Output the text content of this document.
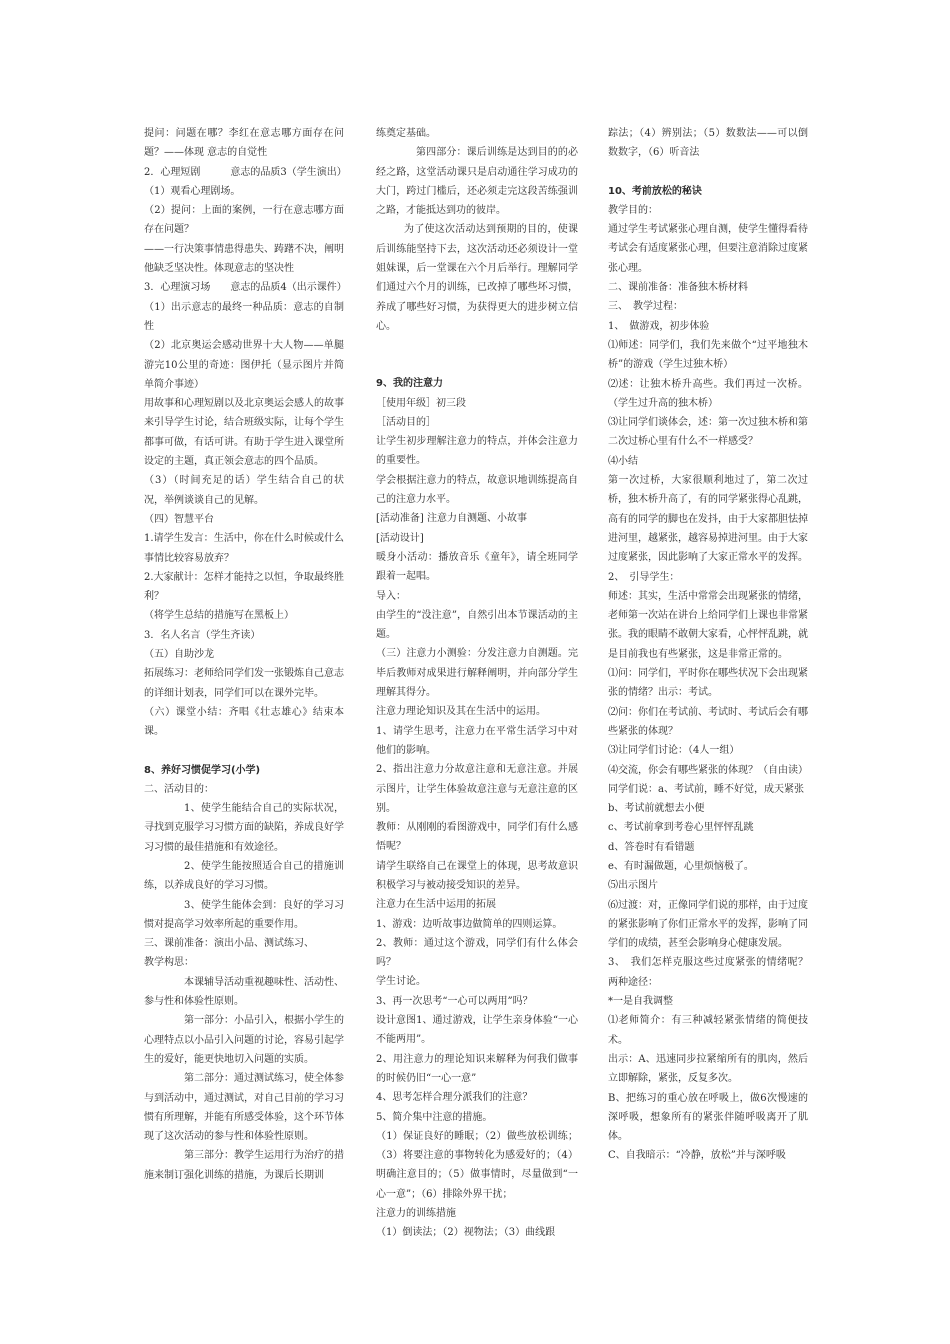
提问：问题在哪？李红在意志哪方面存在问题？——体现 意志的自觉性
2．心理短剧　　　意志的品质3（学生演出）
（1）观看心理剧场。
（2）提问：上面的案例，一行在意志哪方面存在问题？
——一行决策事情患得患失、踌躇不决，阐明他缺乏坚决性。体现意志的坚决性
3．心理演习场　　意志的品质4（出示课件）
（1）出示意志的最终一种品质：意志的自制性
（2）北京奥运会感动世界十大人物——单腿游完10公里的奇迹：图伊托（显示图片并简单简介事迹）
用故事和心理短剧以及北京奥运会感人的故事来引导学生讨论，结合班级实际，让每个学生都事可做，有话可讲。有助于学生进入课堂所设定的主题，真正领会意志的四个品质。
（3）（时间充足的话）学生结合自己的状况，举例谈谈自己的见解。
（四）智慧平台
1.请学生发言：生活中，你在什么时候或什么事情比较容易放弃？
2.大家献计：怎样才能持之以恒，争取最终胜利？
（将学生总结的措施写在黑板上）
3．名人名言（学生齐读）
（五）自助沙龙
拓展练习：老师给同学们发一张锻炼自己意志的详细计划表，同学们可以在课外完毕。
（六）课堂小结：齐唱《壮志雄心》结束本课。
8、养好习惯促学习(小学)
二、活动目的：
1、使学生能结合自己的实际状况，寻找到克服学习习惯方面的缺陷，养成良好学习习惯的最佳措施和有效途径。
2、使学生能按照适合自己的措施训练，以养成良好的学习习惯。
3、使学生能体会到：良好的学习习惯对提高学习效率所起的重要作用。
三、课前准备：演出小品、测试练习、
教学构思：
本课辅导活动重视趣味性、活动性、参与性和体验性原则。
第一部分：小品引入，根据小学生的心理特点以小品引入问题的讨论，容易引起学生的爱好，能更快地切入问题的实质。
第二部分：通过测试练习，使全体参与到活动中，通过测试，对自己目前的学习习惯有所理解，并能有所感受体验，这个环节体现了这次活动的参与性和体验性原则。
第三部分：教学生运用行为治疗的措施来制订强化训练的措施，为课后长期训
练奠定基础。
第四部分：课后训练是达到目的的必经之路，这堂活动课只是启动通往学习成功的大门，跨过门槛后，还必须走完这段苦练强训之路，才能抵达到功的彼岸。
为了使这次活动达到预期的目的，使课后训练能坚持下去，这次活动还必须设计一堂姐妹课，后一堂课在六个月后举行。理解同学们通过六个月的训练，已改掉了哪些坏习惯，养成了哪些好习惯，为获得更大的进步树立信心。
9、我的注意力
［使用年级］初三段
［活动目的］
让学生初步理解注意力的特点，并体会注意力的重要性。
学会根据注意力的特点，故意识地训练提高自己的注意力水平。
[活动准备] 注意力自测题、小故事
[活动设计]
暖身小活动：播放音乐《童年》，请全班同学跟着一起唱。
导入：
由学生的“没注意”，自然引出本节课活动的主题。
（三）注意力小测验：分发注意力自测题。完毕后教师对成果进行解释阐明，并向部分学生理解其得分。
注意力理论知识及其在生活中的运用。
1、请学生思考，注意力在平常生活学习中对他们的影响。
2、指出注意力分故意注意和无意注意。并展示图片，让学生体验故意注意与无意注意的区别。
教师：从刚刚的看图游戏中，同学们有什么感悟呢？
请学生联络自己在课堂上的体现，思考故意识积极学习与被动接受知识的差异。
注意力在生活中运用的拓展
1、游戏：边听故事边做简单的四则运算。
2、教师：通过这个游戏，同学们有什么体会吗？
学生讨论。
3、再一次思考“一心可以两用”吗？
设计意图1、通过游戏，让学生亲身体验“一心不能两用”。
2、用注意力的理论知识来解释为何我们做事的时候仍旧“一心一意”
4、思考怎样合理分派我们的注意？
5、简介集中注意的措施。
（1）保证良好的睡眠；（2）做些放松训练；（3）将要注意的事物转化为感爱好的；（4）明确注意目的；（5）做事情时，尽量做到“一心一意”；（6）排除外界干扰；
注意力的训练措施
（1）倒读法；（2）视物法；（3）曲线跟
踪法；（4）辨别法；（5）数数法——可以倒数数字，（6）听音法
10、考前放松的秘诀
教学目的：
通过学生考试紧张心理自测，使学生懂得看待考试会有适度紧张心理，但要注意消除过度紧张心理。
二、课前准备：准备独木桥材料
三、　教学过程：
1、　做游戏，初步体验
⑴师述：同学们，我们先来做个“过平地独木桥”的游戏（学生过独木桥）
⑵述：让独木桥升高些。我们再过一次桥。（学生过升高的独木桥）
⑶让同学们谈体会，述：第一次过独木桥和第二次过桥心里有什么不一样感受？
⑷小结
第一次过桥，大家很顺利地过了，第二次过桥，独木桥升高了，有的同学紧张得心乱跳，高有的同学的脚也在发抖，由于大家都胆怯掉进河里，越紧张，越容易掉进河里。由于大家过度紧张，因此影响了大家正常水平的发挥。
2、　引导学生：
师述：其实，生活中常常会出现紧张的情绪，老师第一次站在讲台上给同学们上课也非常紧张。我的眼睛不敢朝大家看，心怦怦乱跳，就是目前我也有些紧张，这是非常正常的。
⑴问：同学们，平时你在哪些状况下会出现紧张的情绪？出示：考试。
⑵问：你们在考试前、考试时、考试后会有哪些紧张的体现？
⑶让同学们讨论：（4人一组）
⑷交流，你会有哪些紧张的体现？（自由读）
同学们说：a、考试前，睡不好觉，成天紧张
b、考试前就想去小便
c、考试前拿到考卷心里怦怦乱跳
d、答卷时有看错题
e、有时漏做题，心里烦恼极了。
⑸出示图片
⑹过渡：对，正像同学们说的那样，由于过度的紧张影响了你们正常水平的发挥，影响了同学们的成绩，甚至会影响身心健康发展。
3、　我们怎样克服这些过度紧张的情绪呢？两种途径：
*一是自我调整
⑴老师简介：有三种减轻紧张情绪的简便技术。
出示：A、迅速同步拉紧缩所有的肌肉，然后立即解除，紧张，反复多次。
B、把练习的重心放在呼吸上，做6次慢速的深呼吸，想象所有的紧张伴随呼吸离开了肌体。
C、自我暗示：“冷静，放松”并与深呼吸
